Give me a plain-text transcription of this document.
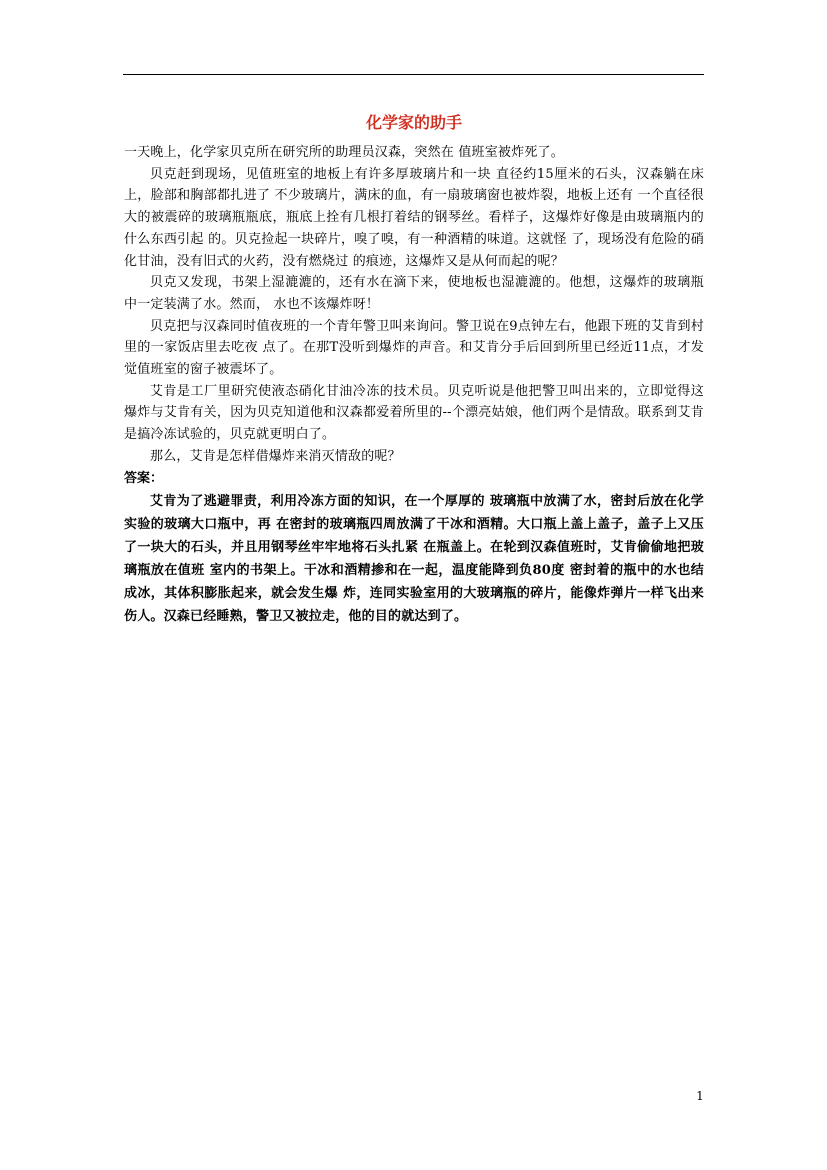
化学家的助手

一天晚上，化学家贝克所在研究所的助理员汉森，突然在 值班室被炸死了。

贝克赶到现场，见值班室的地板上有许多厚玻璃片和一块 直径约15厘米的石头，汉森躺在床上，脸部和胸部都扎进了 不少玻璃片，满床的血，有一扇玻璃窗也被炸裂，地板上还有 一个直径很大的被震碎的玻璃瓶瓶底，瓶底上拴有几根打着结的钢琴丝。看样子，这爆炸好像是由玻璃瓶内的什么东西引起 的。贝克捡起一块碎片，嗅了嗅，有一种酒精的味道。这就怪 了，现场没有危险的硝化甘油，没有旧式的火药，没有燃烧过 的痕迹，这爆炸又是从何而起的呢？

贝克又发现，书架上湿漉漉的，还有水在滴下来，使地板也湿漉漉的。他想，这爆炸的玻璃瓶中一定装满了水。然而， 水也不该爆炸呀！

贝克把与汉森同时值夜班的一个青年警卫叫来询问。警卫说在9点钟左右，他跟下班的艾肯到村里的一家饭店里去吃夜 点了。在那T没听到爆炸的声音。和艾肯分手后回到所里已经近11点，才发觉值班室的窗子被震坏了。

艾肯是工厂里研究使液态硝化甘油冷冻的技术员。贝克听说是他把警卫叫出来的，立即觉得这爆炸与艾肯有关，因为贝克知道他和汉森都爱着所里的--个漂亮姑娘，他们两个是情敌。联系到艾肯是搞冷冻试验的，贝克就更明白了。

那么，艾肯是怎样借爆炸来消灭情敌的呢？

答案：

艾肯为了逃避罪责，利用冷冻方面的知识，在一个厚厚的 玻璃瓶中放满了水，密封后放在化学实验的玻璃大口瓶中，再 在密封的玻璃瓶四周放满了干冰和酒精。大口瓶上盖上盖子，盖子上又压了一块大的石头，并且用钢琴丝牢牢地将石头扎紧 在瓶盖上。在轮到汉森值班时，艾肯偷偷地把玻璃瓶放在值班 室内的书架上。干冰和酒精掺和在一起，温度能降到负80度 密封着的瓶中的水也结成冰，其体积膨胀起来，就会发生爆 炸，连同实验室用的大玻璃瓶的碎片，能像炸弹片一样飞出来 伤人。汉森已经睡熟，警卫又被拉走，他的目的就达到了。

1
